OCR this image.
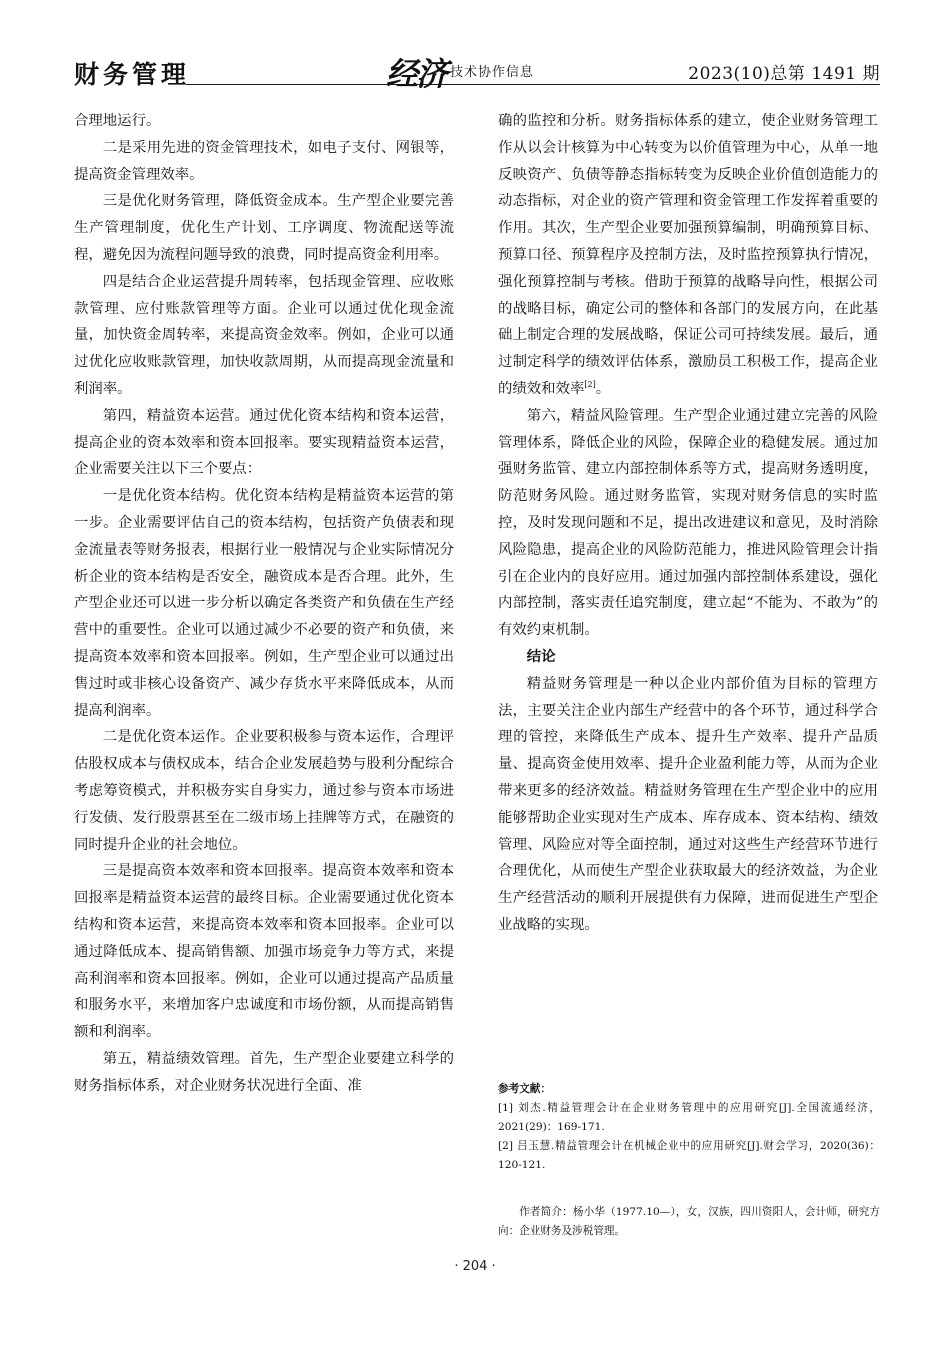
财务管理	经济 技术协作信息	2023(10)总第 1491 期

合理地运行。

二是采用先进的资金管理技术，如电子支付、网银等，提高资金管理效率。

三是优化财务管理，降低资金成本。生产型企业要完善生产管理制度，优化生产计划、工序调度、物流配送等流程，避免因为流程问题导致的浪费，同时提高资金利用率。

四是结合企业运营提升周转率，包括现金管理、应收账款管理、应付账款管理等方面。企业可以通过优化现金流量，加快资金周转率，来提高资金效率。例如，企业可以通过优化应收账款管理，加快收款周期，从而提高现金流量和利润率。

第四，精益资本运营。通过优化资本结构和资本运营，提高企业的资本效率和资本回报率。要实现精益资本运营，企业需要关注以下三个要点：

一是优化资本结构。优化资本结构是精益资本运营的第一步。企业需要评估自己的资本结构，包括资产负债表和现金流量表等财务报表，根据行业一般情况与企业实际情况分析企业的资本结构是否安全，融资成本是否合理。此外，生产型企业还可以进一步分析以确定各类资产和负债在生产经营中的重要性。企业可以通过减少不必要的资产和负债，来提高资本效率和资本回报率。例如，生产型企业可以通过出售过时或非核心设备资产、减少存货水平来降低成本，从而提高利润率。

二是优化资本运作。企业要积极参与资本运作，合理评估股权成本与债权成本，结合企业发展趋势与股利分配综合考虑筹资模式，并积极夯实自身实力，通过参与资本市场进行发债、发行股票甚至在二级市场上挂牌等方式，在融资的同时提升企业的社会地位。

三是提高资本效率和资本回报率。提高资本效率和资本回报率是精益资本运营的最终目标。企业需要通过优化资本结构和资本运营，来提高资本效率和资本回报率。企业可以通过降低成本、提高销售额、加强市场竞争力等方式，来提高利润率和资本回报率。例如，企业可以通过提高产品质量和服务水平，来增加客户忠诚度和市场份额，从而提高销售额和利润率。

第五，精益绩效管理。首先，生产型企业要建立科学的财务指标体系，对企业财务状况进行全面、准

确的监控和分析。财务指标体系的建立，使企业财务管理工作从以会计核算为中心转变为以价值管理为中心，从单一地反映资产、负债等静态指标转变为反映企业价值创造能力的动态指标，对企业的资产管理和资金管理工作发挥着重要的作用。其次，生产型企业要加强预算编制，明确预算目标、预算口径、预算程序及控制方法，及时监控预算执行情况，强化预算控制与考核。借助于预算的战略导向性，根据公司的战略目标，确定公司的整体和各部门的发展方向，在此基础上制定合理的发展战略，保证公司可持续发展。最后，通过制定科学的绩效评估体系，激励员工积极工作，提高企业的绩效和效率[2]。

第六，精益风险管理。生产型企业通过建立完善的风险管理体系，降低企业的风险，保障企业的稳健发展。通过加强财务监管、建立内部控制体系等方式，提高财务透明度，防范财务风险。通过财务监管，实现对财务信息的实时监控，及时发现问题和不足，提出改进建议和意见，及时消除风险隐患，提高企业的风险防范能力，推进风险管理会计指引在企业内的良好应用。通过加强内部控制体系建设，强化内部控制，落实责任追究制度，建立起“不能为、不敢为”的有效约束机制。

结论

精益财务管理是一种以企业内部价值为目标的管理方法，主要关注企业内部生产经营中的各个环节，通过科学合理的管控，来降低生产成本、提升生产效率、提升产品质量、提高资金使用效率、提升企业盈利能力等，从而为企业带来更多的经济效益。精益财务管理在生产型企业中的应用能够帮助企业实现对生产成本、库存成本、资本结构、绩效管理、风险应对等全面控制，通过对这些生产经营环节进行合理优化，从而使生产型企业获取最大的经济效益，为企业生产经营活动的顺利开展提供有力保障，进而促进生产型企业战略的实现。

参考文献：
[1] 刘杰.精益管理会计在企业财务管理中的应用研究[J].全国流通经济，2021(29)：169-171.
[2] 吕玉慧.精益管理会计在机械企业中的应用研究[J].财会学习，2020(36)：120-121.
作者简介：杨小华（1977.10—），女，汉族，四川资阳人，会计师，研究方向：企业财务及涉税管理。
· 204 ·
